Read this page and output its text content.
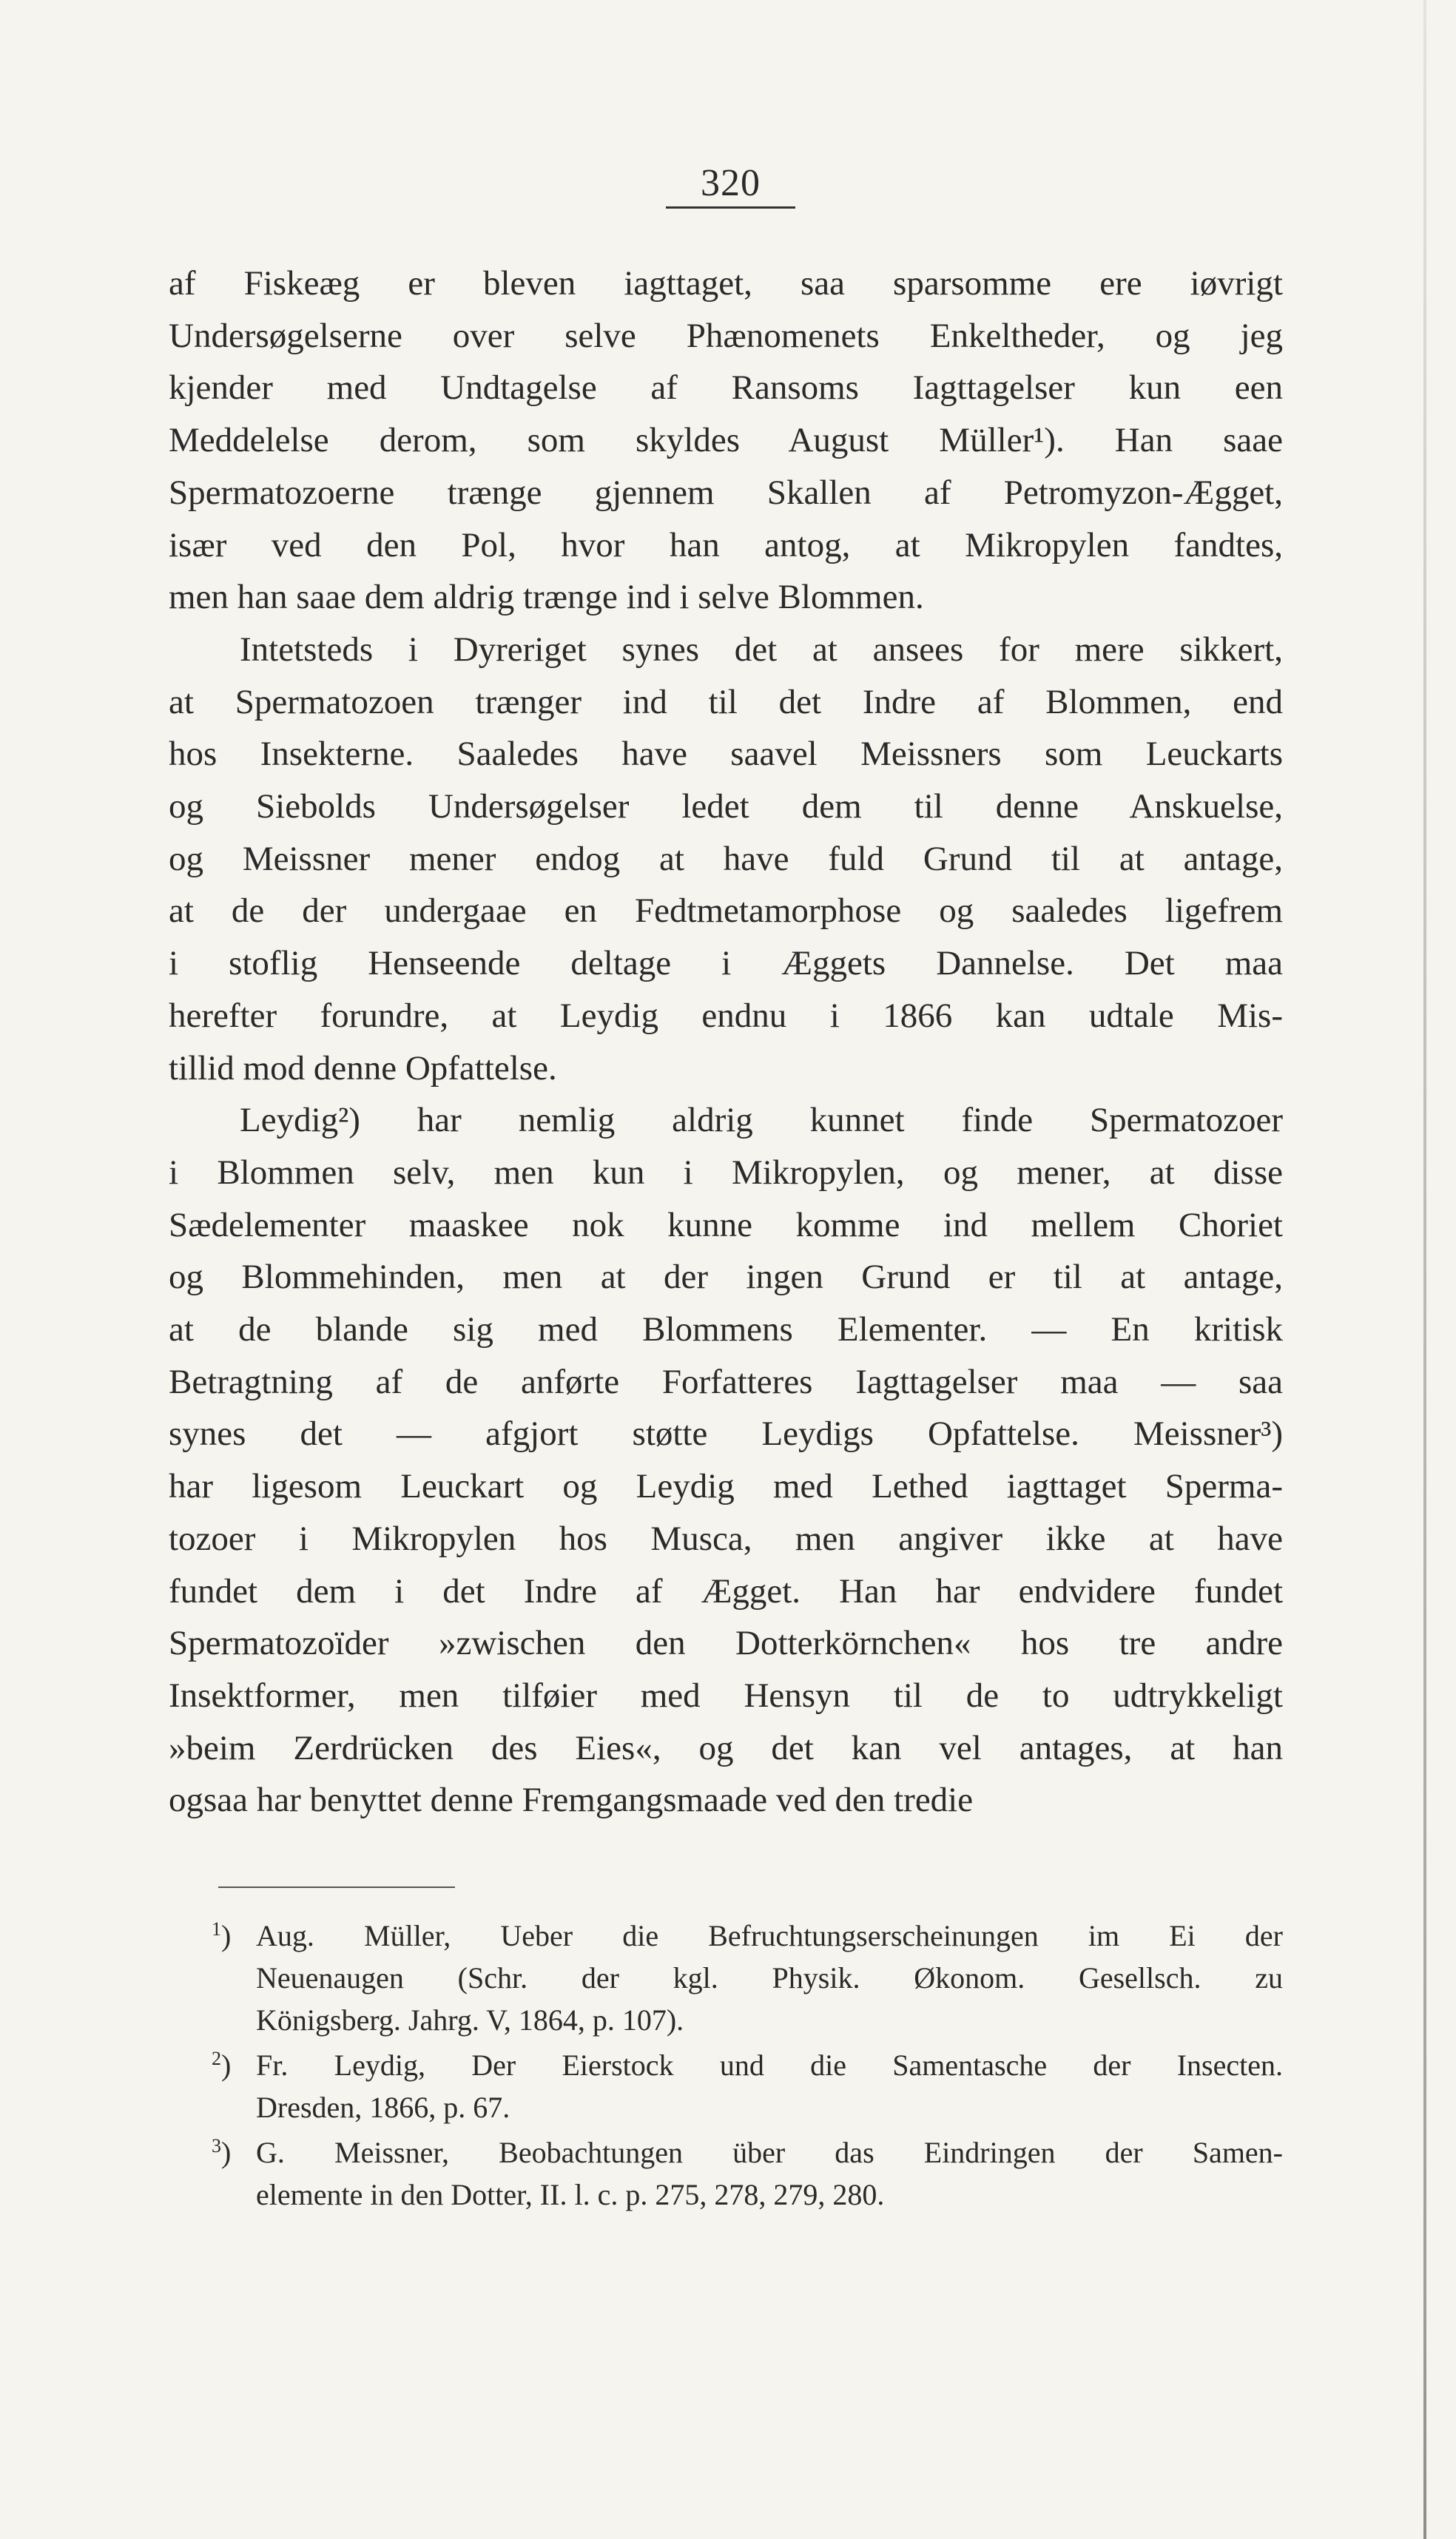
320

af Fiskeæg er bleven iagttaget, saa sparsomme ere iøvrigt
Undersøgelserne over selve Phænomenets Enkeltheder, og jeg
kjender med Undtagelse af Ransoms Iagttagelser kun een
Meddelelse derom, som skyldes August Müller¹). Han saae
Spermatozoerne trænge gjennem Skallen af Petromyzon-Ægget,
især ved den Pol, hvor han antog, at Mikropylen fandtes,
men han saae dem aldrig trænge ind i selve Blommen.

Intetsteds i Dyreriget synes det at ansees for mere sikkert,
at Spermatozoen trænger ind til det Indre af Blommen, end
hos Insekterne. Saaledes have saavel Meissners som Leuckarts
og Siebolds Undersøgelser ledet dem til denne Anskuelse,
og Meissner mener endog at have fuld Grund til at antage,
at de der undergaae en Fedtmetamorphose og saaledes ligefrem
i stoflig Henseende deltage i Æggets Dannelse. Det maa
herefter forundre, at Leydig endnu i 1866 kan udtale Mis-
tillid mod denne Opfattelse.

Leydig²) har nemlig aldrig kunnet finde Spermatozoer
i Blommen selv, men kun i Mikropylen, og mener, at disse
Sædelementer maaskee nok kunne komme ind mellem Choriet
og Blommehinden, men at der ingen Grund er til at antage,
at de blande sig med Blommens Elementer. — En kritisk
Betragtning af de anførte Forfatteres Iagttagelser maa — saa
synes det — afgjort støtte Leydigs Opfattelse. Meissner³)
har ligesom Leuckart og Leydig med Lethed iagttaget Sperma-
tozoer i Mikropylen hos Musca, men angiver ikke at have
fundet dem i det Indre af Ægget. Han har endvidere fundet
Spermatozoïder »zwischen den Dotterkörnchen« hos tre andre
Insektformer, men tilføier med Hensyn til de to udtrykkeligt
»beim Zerdrücken des Eies«, og det kan vel antages, at han
ogsaa har benyttet denne Fremgangsmaade ved den tredie

$^1$) Aug. Müller, Ueber die Befruchtungserscheinungen im Ei der
Neuenaugen (Schr. der kgl. Physik. Økonom. Gesellsch. zu
Königsberg. Jahrg. V, 1864, p. 107).
$^2$) Fr. Leydig, Der Eierstock und die Samentasche der Insecten.
Dresden, 1866, p. 67.
$^3$) G. Meissner, Beobachtungen über das Eindringen der Samen-
elemente in den Dotter, II. l. c. p. 275, 278, 279, 280.
